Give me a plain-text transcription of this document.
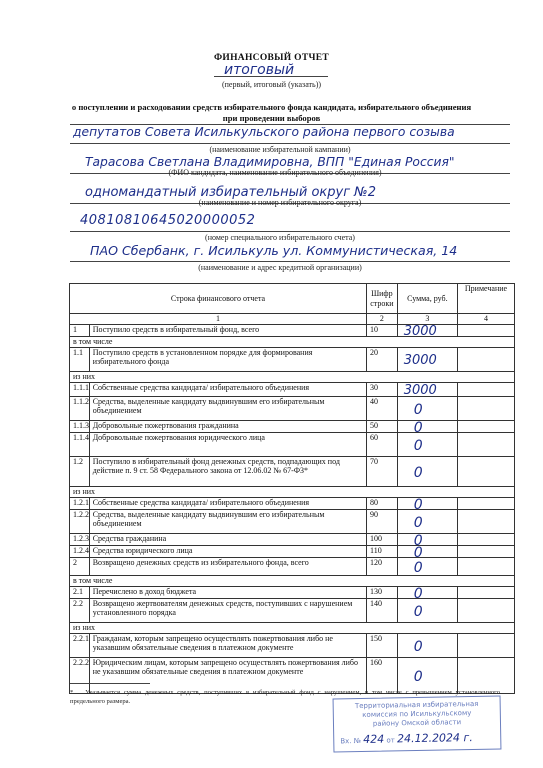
ФИНАНСОВЫЙ ОТЧЕТ
итоговый
(первый, итоговый (указать))
о поступлении и расходовании средств избирательного фонда кандидата, избирательного объединения
при проведении выборов
депутатов Совета Исилькульского района первого созыва
(наименование избирательной кампании)
Тарасова Светлана Владимировна, ВПП "Единая Россия"
(ФИО кандидата, наименование избирательного объединения)
одномандатный избирательный округ №2
(наименование и номер избирательного округа)
40810810645020000052
(номер специального избирательного счета)
ПАО Сбербанк, г. Исилькуль ул. Коммунистическая, 14
(наименование и адрес кредитной организации)
Строка финансового отчета		Шифр строки	Сумма, руб.	Примечание
1		2	3	4
1	Поступило средств в избирательный фонд, всего	10	3000	

в том числе				
1.1	Поступило средств в установленном порядке для формирования избирательного фонда	20	3000	

из них				
1.1.1	Собственные средства кандидата/ избирательного объединения	30	3000	

1.1.2	Средства, выделенные кандидату выдвинувшим его избирательным объединением	40	0	

1.1.3	Добровольные пожертвования гражданина	50	0	

1.1.4	Добровольные пожертвования юридического лица	60	0	

1.2	Поступило в избирательный фонд денежных средств, подпадающих под действие п. 9 ст. 58 Федерального закона от 12.06.02 № 67-ФЗ*	70	0	

из них				
1.2.1	Собственные средства кандидата/ избирательного объединения	80	0	

1.2.2	Средства, выделенные кандидату выдвинувшим его избирательным объединением	90	0	

1.2.3	Средства гражданина	100	0	

1.2.4	Средства юридического лица	110	0	

2	Возвращено денежных средств из избирательного фонда, всего	120	0	

в том числе				
2.1	Перечислено в доход бюджета	130	0	

2.2	Возвращено жертвователям денежных средств, поступивших с нарушением установленного порядка	140	0	

из них				
2.2.1	Гражданам, которым запрещено осуществлять пожертвования либо не указавшим обязательные сведения в платежном документе	150	0	

2.2.2	Юридическим лицам, которым запрещено осуществлять пожертвования либо не указавшим обязательные сведения в платежном документе	160	0	

* Указывается сумма денежных средств, поступивших в избирательный фонд с нарушением, в том числе с превышением установленного предельного размера.	Территориальная избирательная
комиссия по Исилькульскому
району Омской области
Вх. № 424 от 24.12.2024 г.
